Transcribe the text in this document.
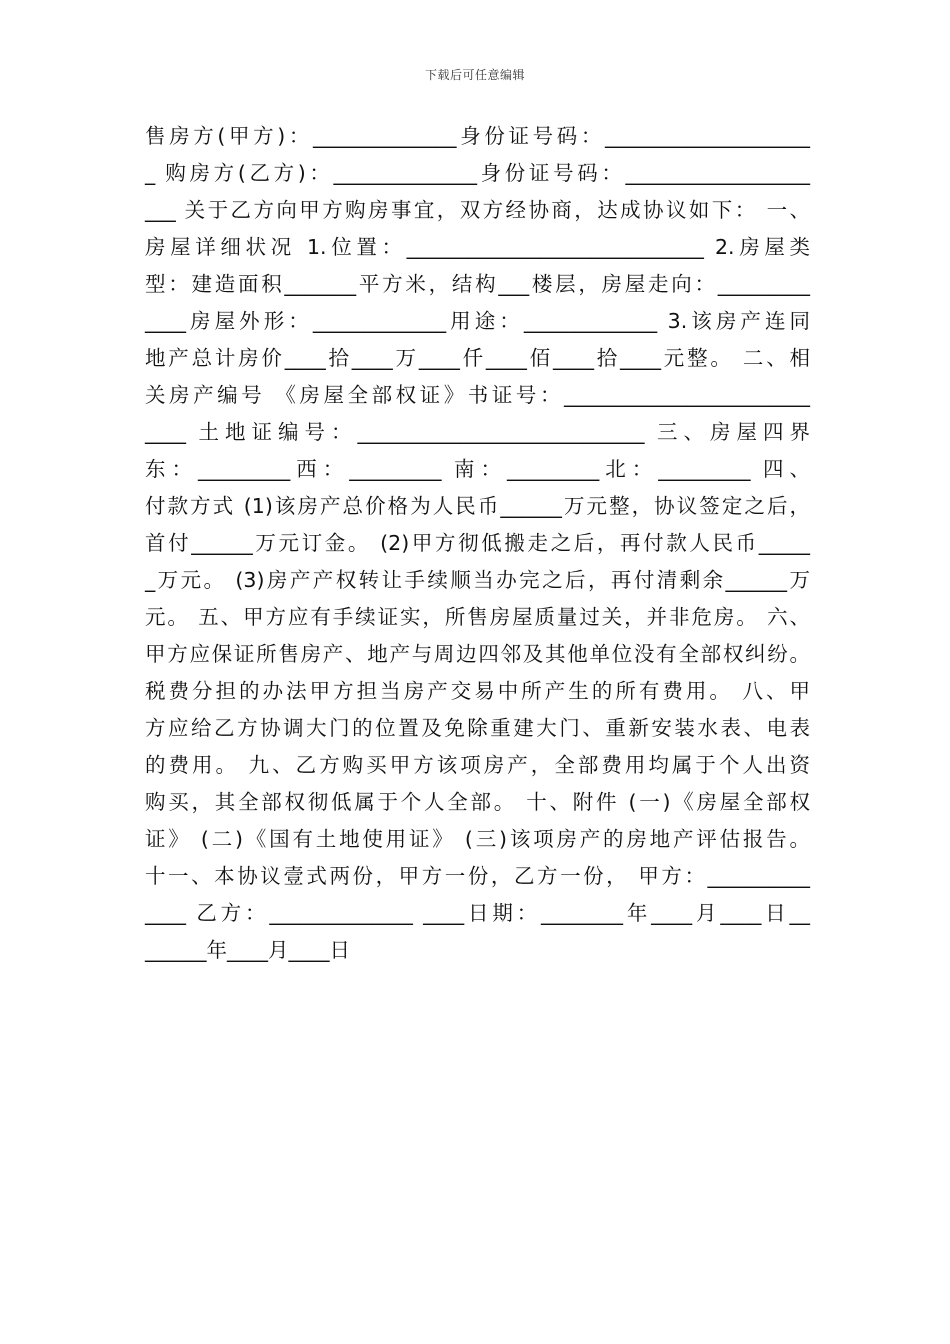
下载后可任意编辑
售房方(甲方)：______________身份证号码：____________________
_ 购房方(乙方)：______________身份证号码：__________________
___ 关于乙方向甲方购房事宜，双方经协商，达成协议如下： 一、
房屋详细状况 1.位置：_____________________________ 2.房屋类
型：建造面积_______平方米，结构___楼层，房屋走向：_________
____房屋外形：_____________用途：_____________ 3.该房产连同
地产总计房价____拾____万____仟____佰____拾____元整。 二、相
关房产编号 《房屋全部权证》书证号：________________________
____ 土地证编号：____________________________ 三、房屋四界
东：_________西：_________ 南：_________北：_________ 四、
付款方式 (1)该房产总价格为人民币______万元整，协议签定之后，
首付______万元订金。 (2)甲方彻低搬走之后，再付款人民币_____
_万元。 (3)房产产权转让手续顺当办完之后，再付清剩余______万
元。 五、甲方应有手续证实，所售房屋质量过关，并非危房。 六、
甲方应保证所售房产、地产与周边四邻及其他单位没有全部权纠纷。
税费分担的办法甲方担当房产交易中所产生的所有费用。 八、甲
方应给乙方协调大门的位置及免除重建大门、重新安装水表、电表
的费用。 九、乙方购买甲方该项房产，全部费用均属于个人出资
购买，其全部权彻低属于个人全部。 十、附件 (一)《房屋全部权
证》 (二)《国有土地使用证》 (三)该项房产的房地产评估报告。
十一、本协议壹式两份，甲方一份，乙方一份， 甲方：__________
____ 乙方：______________ ____日期：________年____月____日__
______年____月____日
